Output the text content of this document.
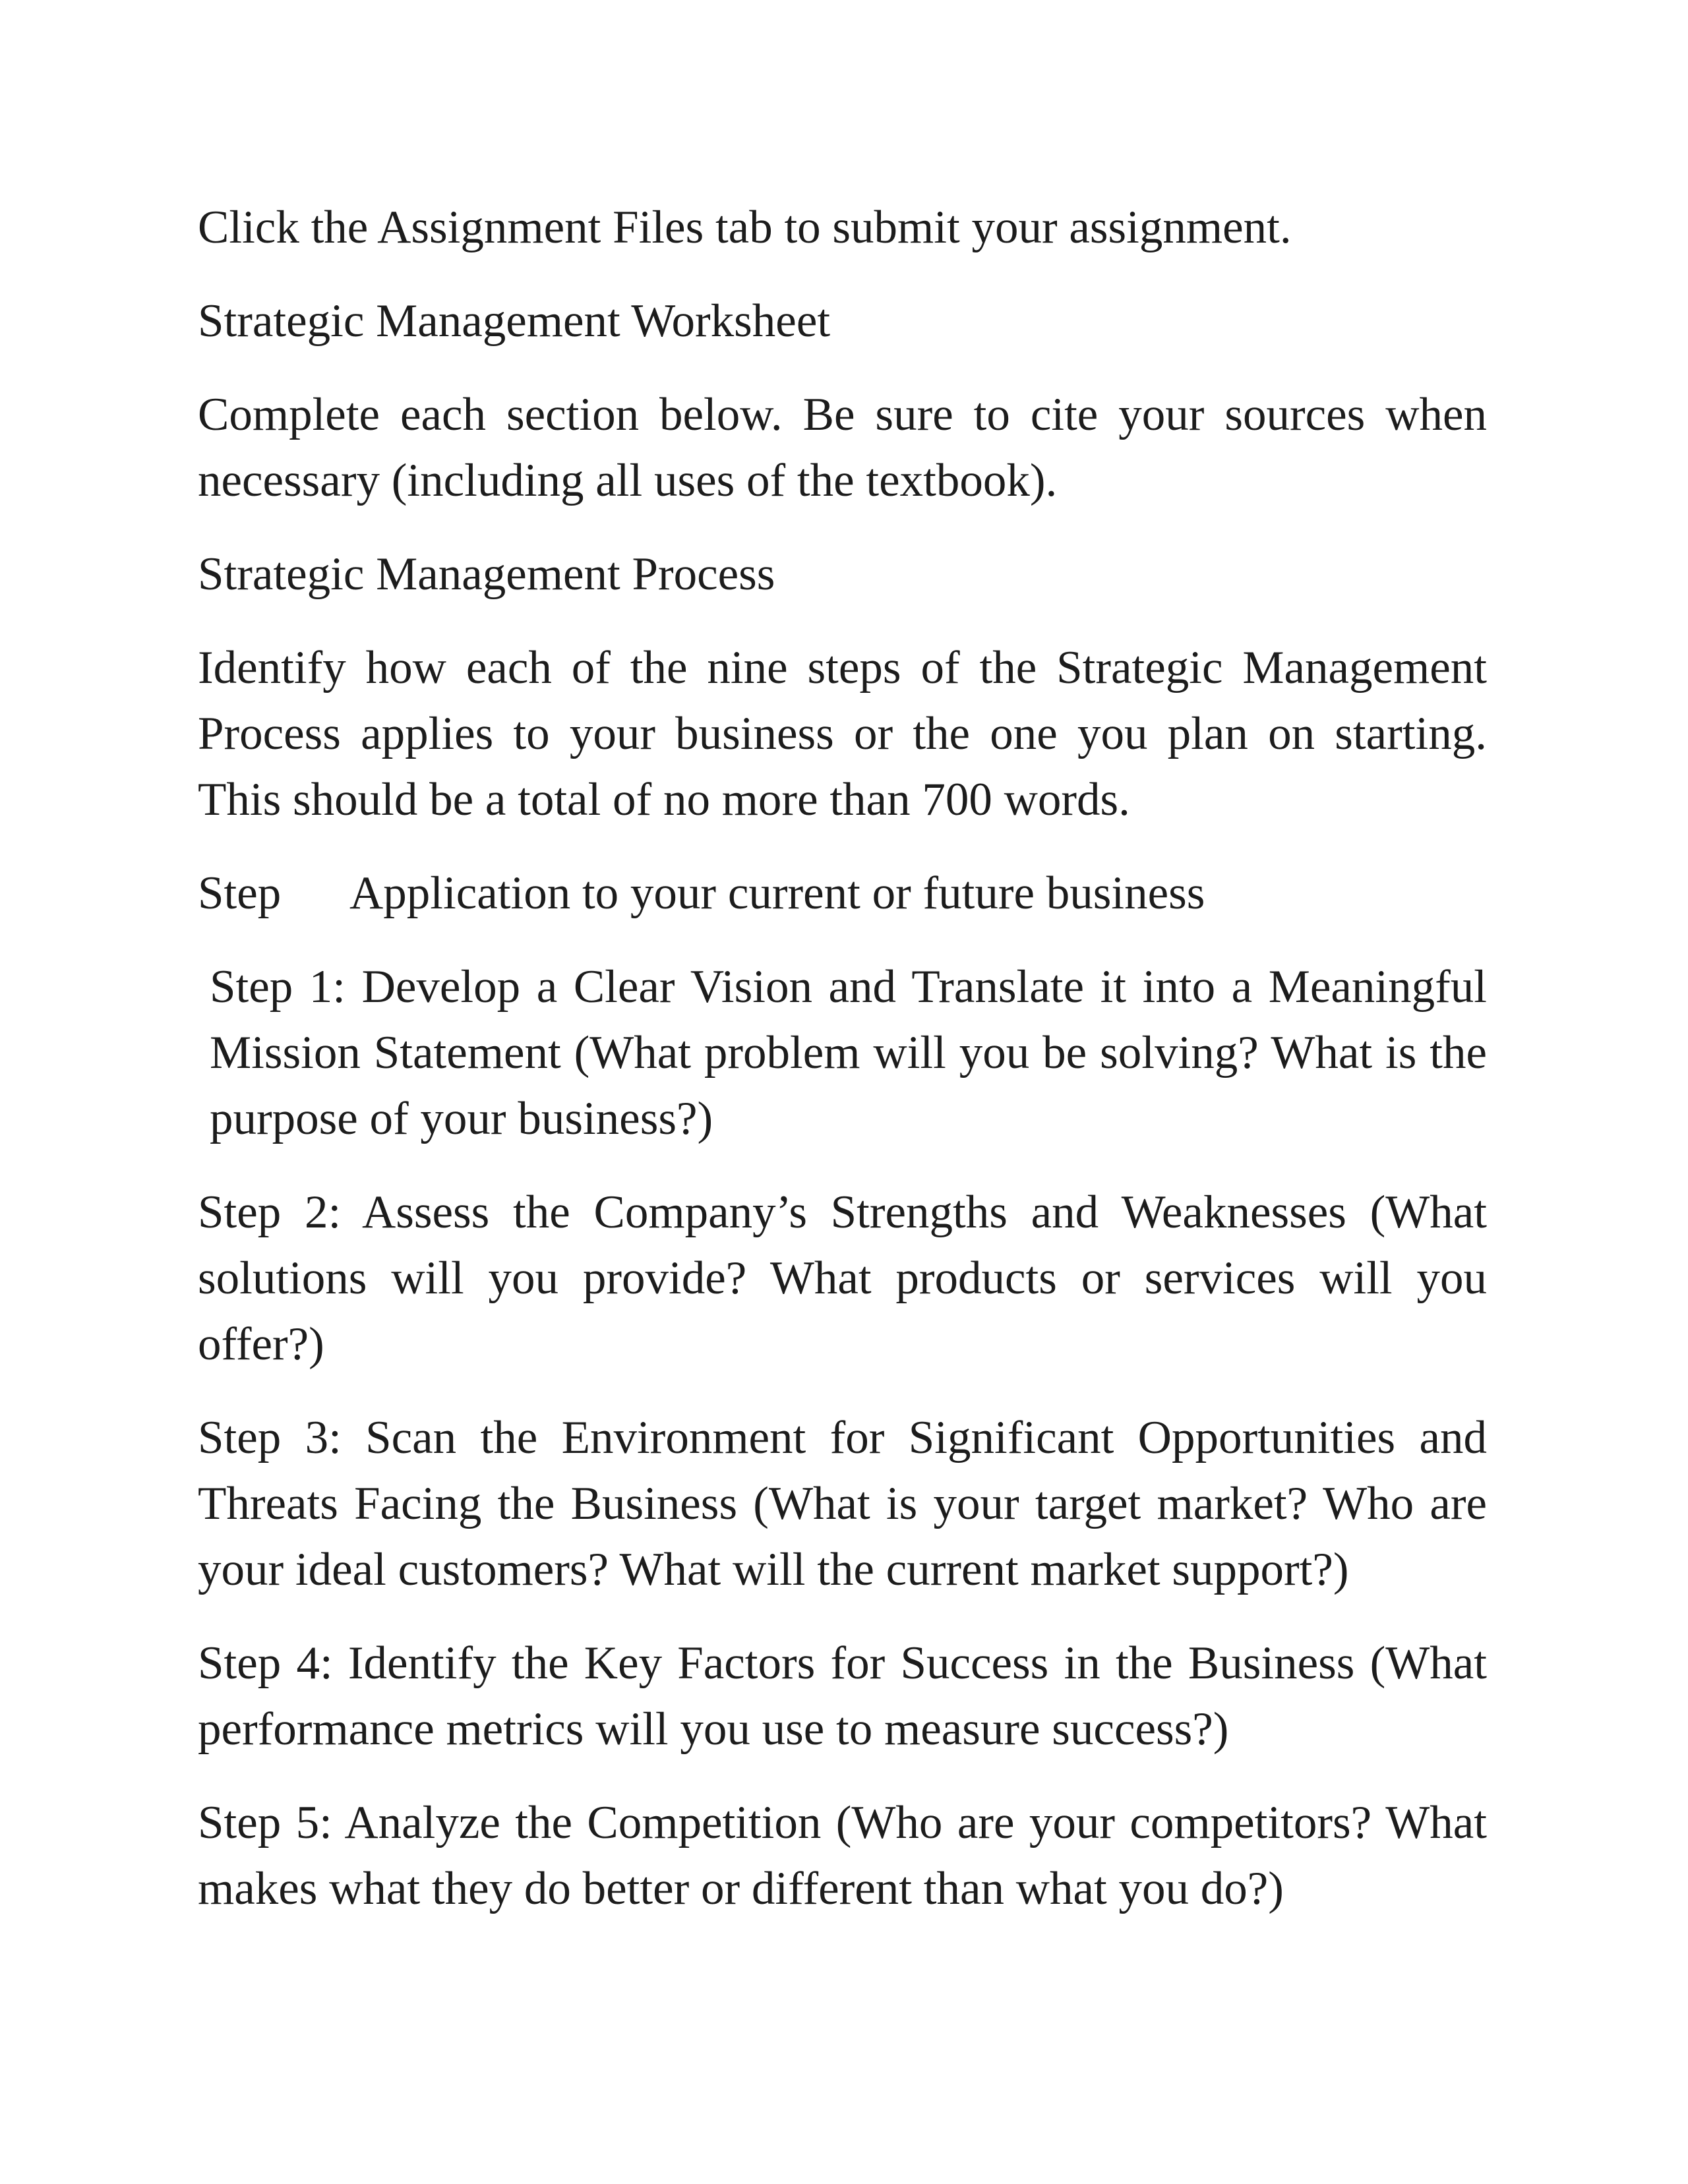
Click the Assignment Files tab to submit your assignment.

Strategic Management Worksheet

Complete each section below. Be sure to cite your sources when necessary (including all uses of the textbook).

Strategic Management Process

Identify how each of the nine steps of the Strategic Management Process applies to your business or the one you plan on starting. This should be a total of no more than 700 words.

Step Application to your current or future business

Step 1: Develop a Clear Vision and Translate it into a Meaningful Mission Statement (What problem will you be solving? What is the purpose of your business?)

Step 2: Assess the Company’s Strengths and Weaknesses (What solutions will you provide? What products or services will you offer?)

Step 3: Scan the Environment for Significant Opportunities and Threats Facing the Business (What is your target market? Who are your ideal customers? What will the current market support?)

Step 4: Identify the Key Factors for Success in the Business (What performance metrics will you use to measure success?)

Step 5: Analyze the Competition (Who are your competitors? What makes what they do better or different than what you do?)
